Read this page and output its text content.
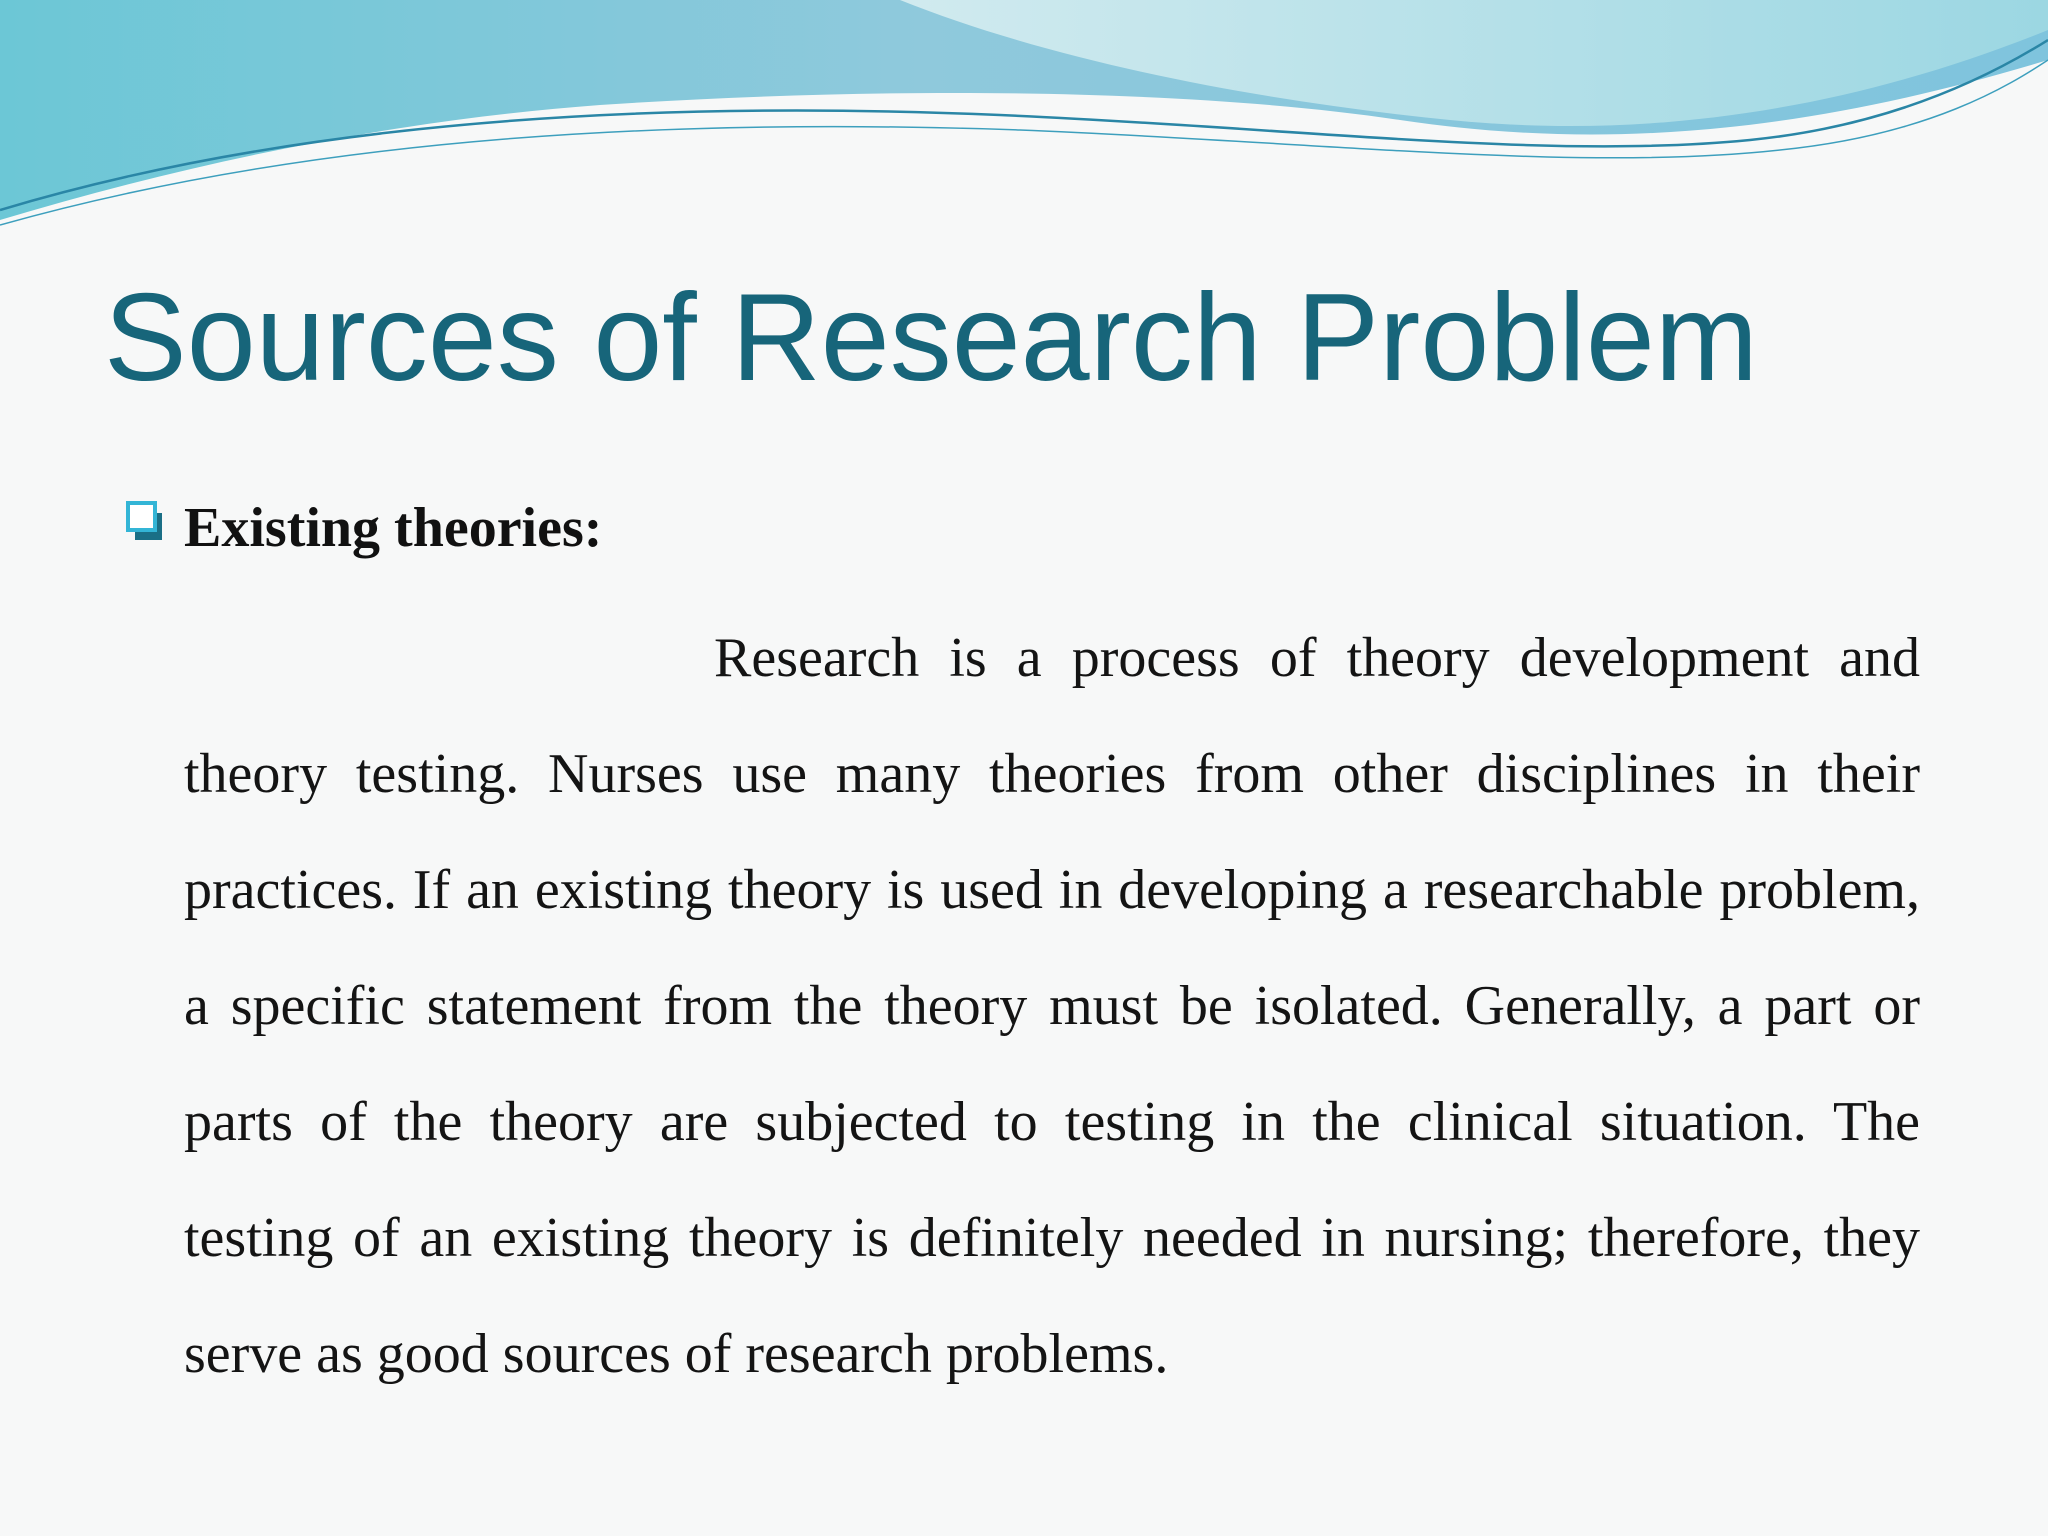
Sources of Research Problem

Existing theories:

Research is a process of theory development and theory testing. Nurses use many theories from other disciplines in their practices. If an existing theory is used in developing a researchable problem, a specific statement from the theory must be isolated. Generally, a part or parts of the theory are subjected to testing in the clinical situation. The testing of an existing theory is definitely needed in nursing; therefore, they serve as good sources of research problems.
